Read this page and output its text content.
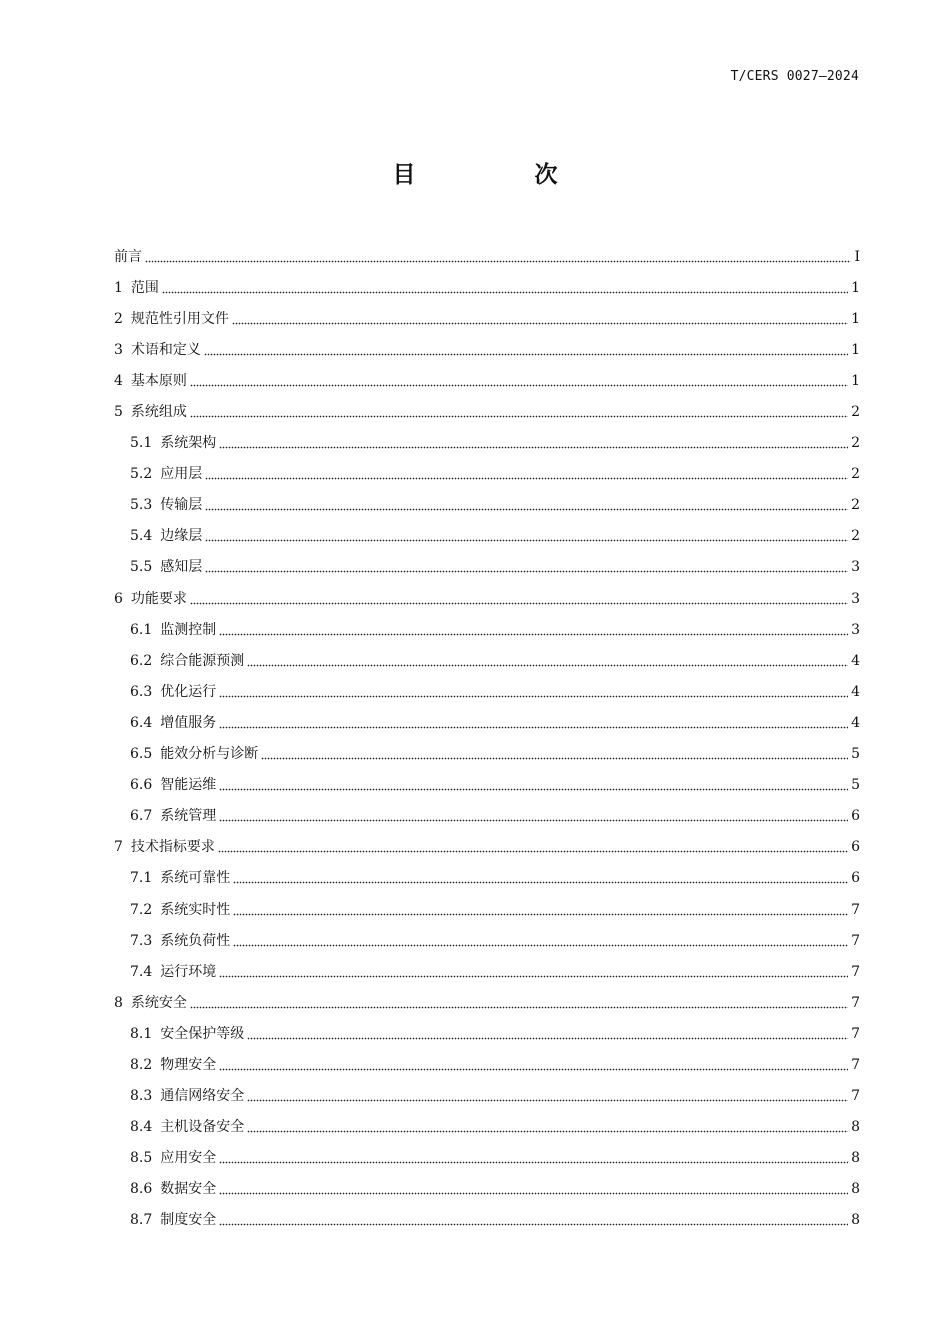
T/CERS 0027—2024
目　次
前言	I
1 范围	1
2 规范性引用文件	1
3 术语和定义	1
4 基本原则	1
5 系统组成	2
5.1 系统架构	2
5.2 应用层	2
5.3 传输层	2
5.4 边缘层	2
5.5 感知层	3
6 功能要求	3
6.1 监测控制	3
6.2 综合能源预测	4
6.3 优化运行	4
6.4 增值服务	4
6.5 能效分析与诊断	5
6.6 智能运维	5
6.7 系统管理	6
7 技术指标要求	6
7.1 系统可靠性	6
7.2 系统实时性	7
7.3 系统负荷性	7
7.4 运行环境	7
8 系统安全	7
8.1 安全保护等级	7
8.2 物理安全	7
8.3 通信网络安全	7
8.4 主机设备安全	8
8.5 应用安全	8
8.6 数据安全	8
8.7 制度安全	8
